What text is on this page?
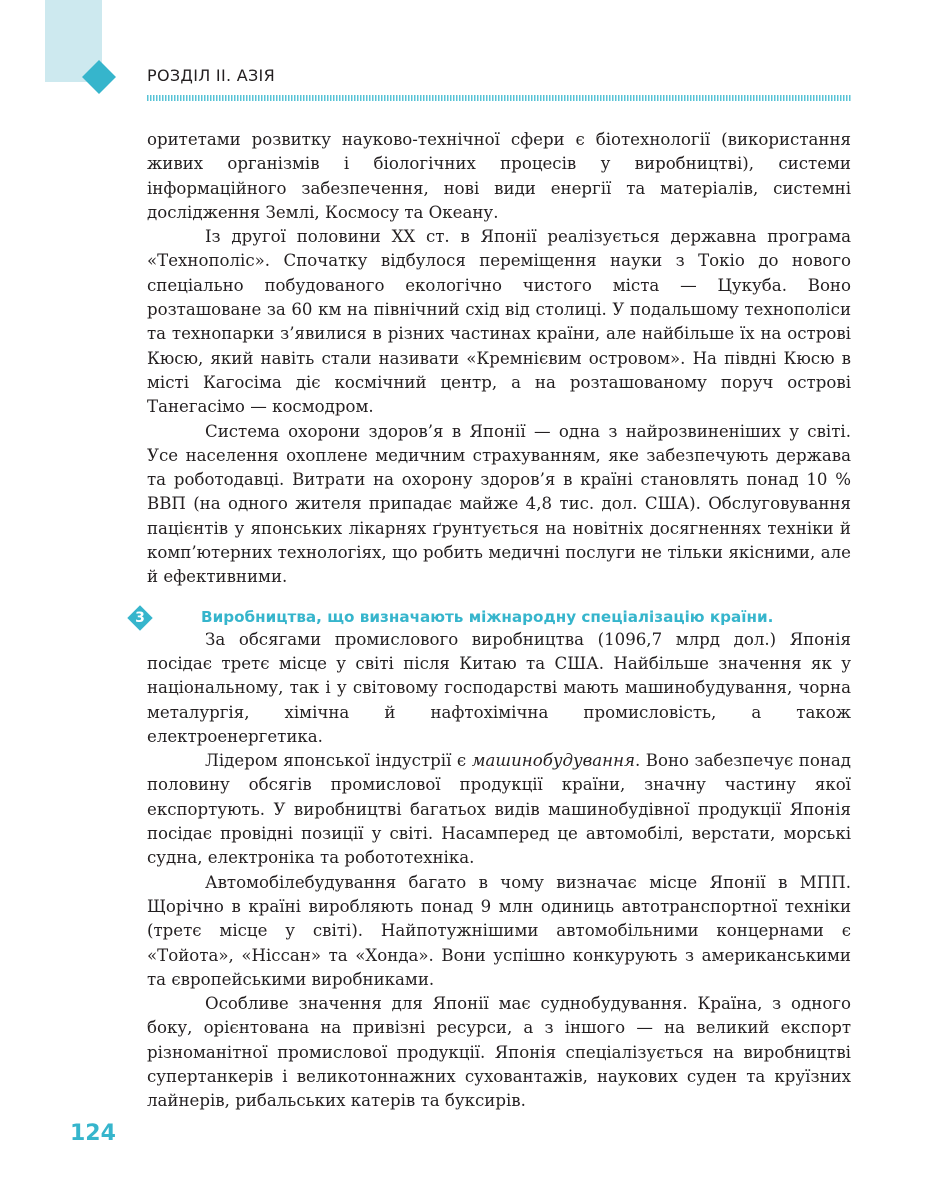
РОЗДІЛ ІІ. АЗІЯ

оритетами розвитку науково-технічної сфери є біотехнології (використання живих організмів і біологічних процесів у виробництві), системи інформаційного забезпечення, нові види енергії та матеріалів, системні дослідження Землі, Космосу та Океану.

Із другої половини XX ст. в Японії реалізується державна програма «Технополіс». Спочатку відбулося переміщення науки з Токіо до нового спеціально побудованого екологічно чистого міста — Цукуба. Воно розташоване за 60 км на північний схід від столиці. У подальшому технополіси та технопарки з’явилися в різних частинах країни, але найбільше їх на острові Кюсю, який навіть стали називати «Кремнієвим островом». На півдні Кюсю в місті Кагосіма діє космічний центр, а на розташованому поруч острові Танегасімо — космодром.

Система охорони здоров’я в Японії — одна з найрозвиненіших у світі. Усе населення охоплене медичним страхуванням, яке забезпечують держава та роботодавці. Витрати на охорону здоров’я в країні становлять понад 10 % ВВП (на одного жителя припадає майже 4,8 тис. дол. США). Обслуговування пацієнтів у японських лікарнях ґрунтується на новітніх досягненнях техніки й комп’ютерних технологіях, що робить медичні послуги не тільки якісними, але й ефективними.

3	Виробництва, що визначають міжнародну спеціалізацію країни.

За обсягами промислового виробництва (1096,7 млрд дол.) Японія посідає третє місце у світі після Китаю та США. Найбільше значення як у національному, так і у світовому господарстві мають машинобудування, чорна металургія, хімічна й нафтохімічна промисловість, а також електроенергетика.

Лідером японської індустрії є машинобудування. Воно забезпечує понад половину обсягів промислової продукції країни, значну частину якої експортують. У виробництві багатьох видів машинобудівної продукції Японія посідає провідні позиції у світі. Насамперед це автомобілі, верстати, морські судна, електроніка та робототехніка.

Автомобілебудування багато в чому визначає місце Японії в МПП. Щорічно в країні виробляють понад 9 млн одиниць автотранспортної техніки (третє місце у світі). Найпотужнішими автомобільними концернами є «Тойота», «Ніссан» та «Хонда». Вони успішно конкурують з американськими та європейськими виробниками.

Особливе значення для Японії має суднобудування. Країна, з одного боку, орієнтована на привізні ресурси, а з іншого — на великий експорт різноманітної промислової продукції. Японія спеціалізується на виробництві супертанкерів і великотоннажних суховантажів, наукових суден та круїзних лайнерів, рибальських катерів та буксирів.

124
